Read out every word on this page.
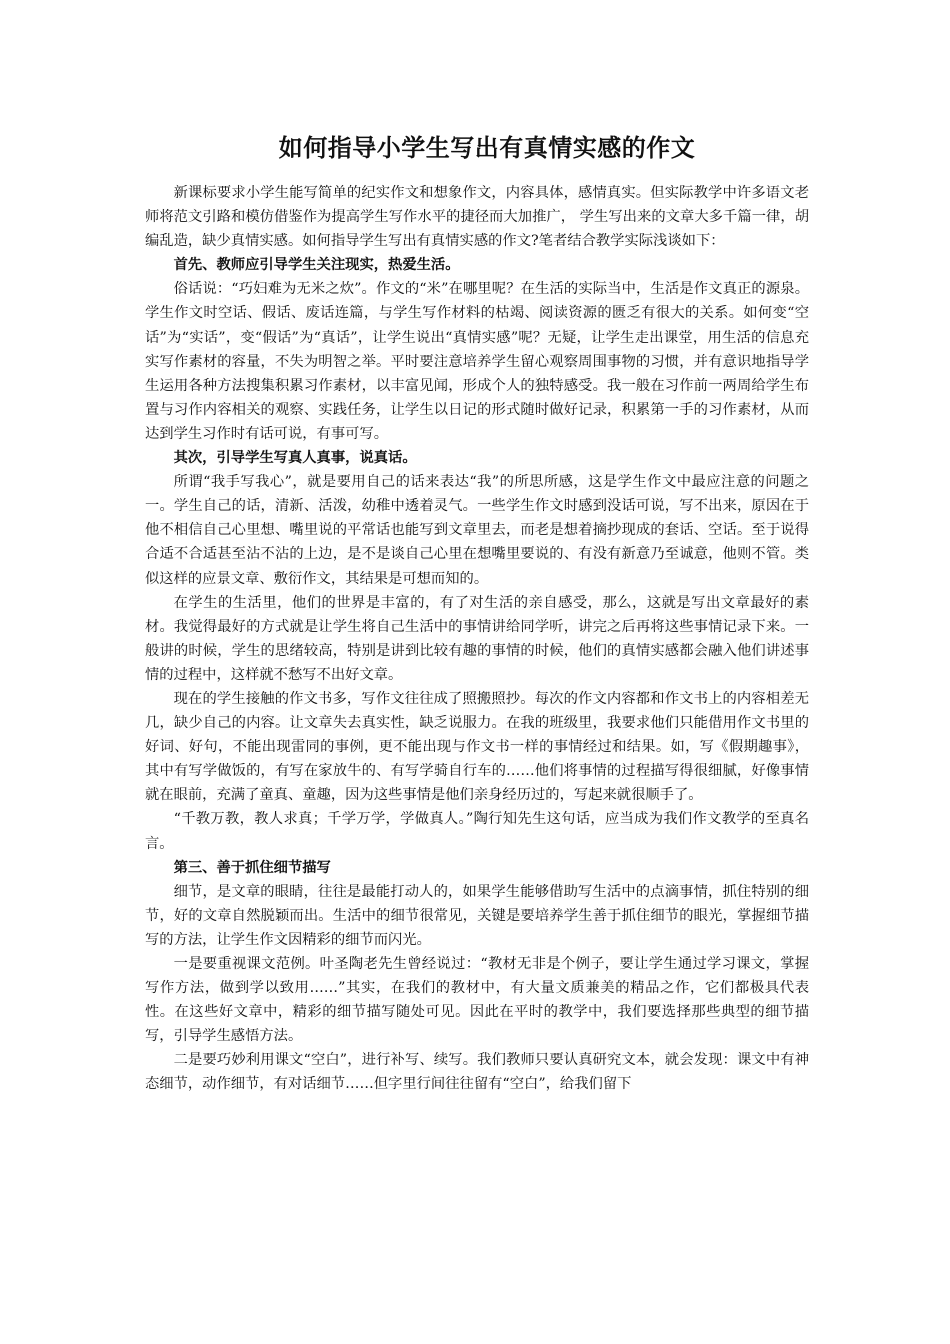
如何指导小学生写出有真情实感的作文

新课标要求小学生能写简单的纪实作文和想象作文，内容具体，感情真实。但实际教学中许多语文老师将范文引路和模仿借鉴作为提高学生写作水平的捷径而大加推广， 学生写出来的文章大多千篇一律，胡编乱造，缺少真情实感。如何指导学生写出有真情实感的作文?笔者结合教学实际浅谈如下：

首先、教师应引导学生关注现实，热爱生活。

俗话说：“巧妇难为无米之炊”。作文的“米”在哪里呢？在生活的实际当中，生活是作文真正的源泉。学生作文时空话、假话、废话连篇，与学生写作材料的枯竭、阅读资源的匮乏有很大的关系。如何变“空话”为“实话”，变“假话”为“真话”，让学生说出“真情实感”呢？无疑，让学生走出课堂，用生活的信息充实写作素材的容量，不失为明智之举。平时要注意培养学生留心观察周围事物的习惯，并有意识地指导学生运用各种方法搜集积累习作素材，以丰富见闻，形成个人的独特感受。我一般在习作前一两周给学生布置与习作内容相关的观察、实践任务，让学生以日记的形式随时做好记录，积累第一手的习作素材，从而达到学生习作时有话可说，有事可写。

其次，引导学生写真人真事，说真话。

所谓“我手写我心”，就是要用自己的话来表达“我”的所思所感，这是学生作文中最应注意的问题之一。学生自己的话，清新、活泼，幼稚中透着灵气。一些学生作文时感到没话可说，写不出来，原因在于他不相信自己心里想、嘴里说的平常话也能写到文章里去，而老是想着摘抄现成的套话、空话。至于说得合适不合适甚至沾不沾的上边，是不是谈自己心里在想嘴里要说的、有没有新意乃至诚意，他则不管。类似这样的应景文章、敷衍作文，其结果是可想而知的。

在学生的生活里，他们的世界是丰富的，有了对生活的亲自感受，那么，这就是写出文章最好的素材。我觉得最好的方式就是让学生将自己生活中的事情讲给同学听，讲完之后再将这些事情记录下来。一般讲的时候，学生的思绪较高，特别是讲到比较有趣的事情的时候，他们的真情实感都会融入他们讲述事情的过程中，这样就不愁写不出好文章。

现在的学生接触的作文书多，写作文往往成了照搬照抄。每次的作文内容都和作文书上的内容相差无几，缺少自己的内容。让文章失去真实性，缺乏说服力。在我的班级里，我要求他们只能借用作文书里的好词、好句，不能出现雷同的事例，更不能出现与作文书一样的事情经过和结果。如，写《假期趣事》，其中有写学做饭的，有写在家放牛的、有写学骑自行车的……他们将事情的过程描写得很细腻，好像事情就在眼前，充满了童真、童趣，因为这些事情是他们亲身经历过的，写起来就很顺手了。

“千教万教，教人求真；千学万学，学做真人。”陶行知先生这句话，应当成为我们作文教学的至真名言。

第三、善于抓住细节描写

细节，是文章的眼睛，往往是最能打动人的，如果学生能够借助写生活中的点滴事情，抓住特别的细节，好的文章自然脱颖而出。生活中的细节很常见，关键是要培养学生善于抓住细节的眼光，掌握细节描写的方法，让学生作文因精彩的细节而闪光。

一是要重视课文范例。叶圣陶老先生曾经说过：“教材无非是个例子，要让学生通过学习课文，掌握写作方法，做到学以致用……”其实，在我们的教材中，有大量文质兼美的精品之作，它们都极具代表性。在这些好文章中，精彩的细节描写随处可见。因此在平时的教学中，我们要选择那些典型的细节描写，引导学生感悟方法。

二是要巧妙利用课文“空白”，进行补写、续写。我们教师只要认真研究文本，就会发现：课文中有神态细节，动作细节，有对话细节……但字里行间往往留有“空白”，给我们留下
